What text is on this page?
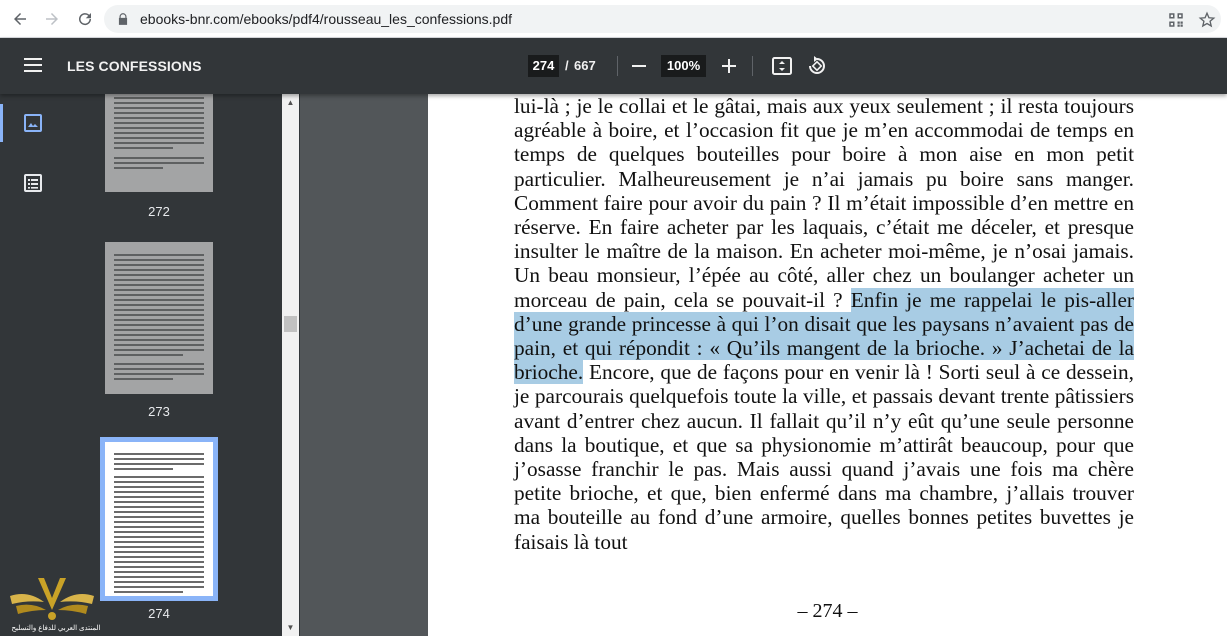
ebooks-bnr.com/ebooks/pdf4/rousseau_les_confessions.pdf
LES CONFESSIONS	274 / 667	100%
272
273
274
▲
▼

lui-là ; je le collai et le gâtai, mais aux yeux seulement ; il resta toujours agréable à boire, et l’occasion fit que je m’en accommodai de temps en temps de quelques bouteilles pour boire à mon aise en mon petit particulier. Malheureusement je n’ai jamais pu boire sans manger. Comment faire pour avoir du pain ? Il m’était impossible d’en mettre en réserve. En faire acheter par les laquais, c’était me déceler, et presque insulter le maître de la maison. En acheter moi-même, je n’osai jamais. Un beau monsieur, l’épée au côté, aller chez un boulanger acheter un morceau de pain, cela se pouvait-il ? Enfin je me rappelai le pis-aller d’une grande princesse à qui l’on disait que les paysans n’avaient pas de pain, et qui répondit : « Qu’ils mangent de la brioche. » J’achetai de la brioche. Encore, que de façons pour en venir là ! Sorti seul à ce dessein, je parcourais quelquefois toute la ville, et passais devant trente pâtissiers avant d’entrer chez aucun. Il fallait qu’il n’y eût qu’une seule personne dans la boutique, et que sa physionomie m’attirât beaucoup, pour que j’osasse franchir le pas. Mais aussi quand j’avais une fois ma chère petite brioche, et que, bien enfermé dans ma chambre, j’allais trouver ma bouteille au fond d’une armoire, quelles bonnes petites buvettes je faisais là tout

– 274 –
المنتدى العربي للدفاع والتسليح
